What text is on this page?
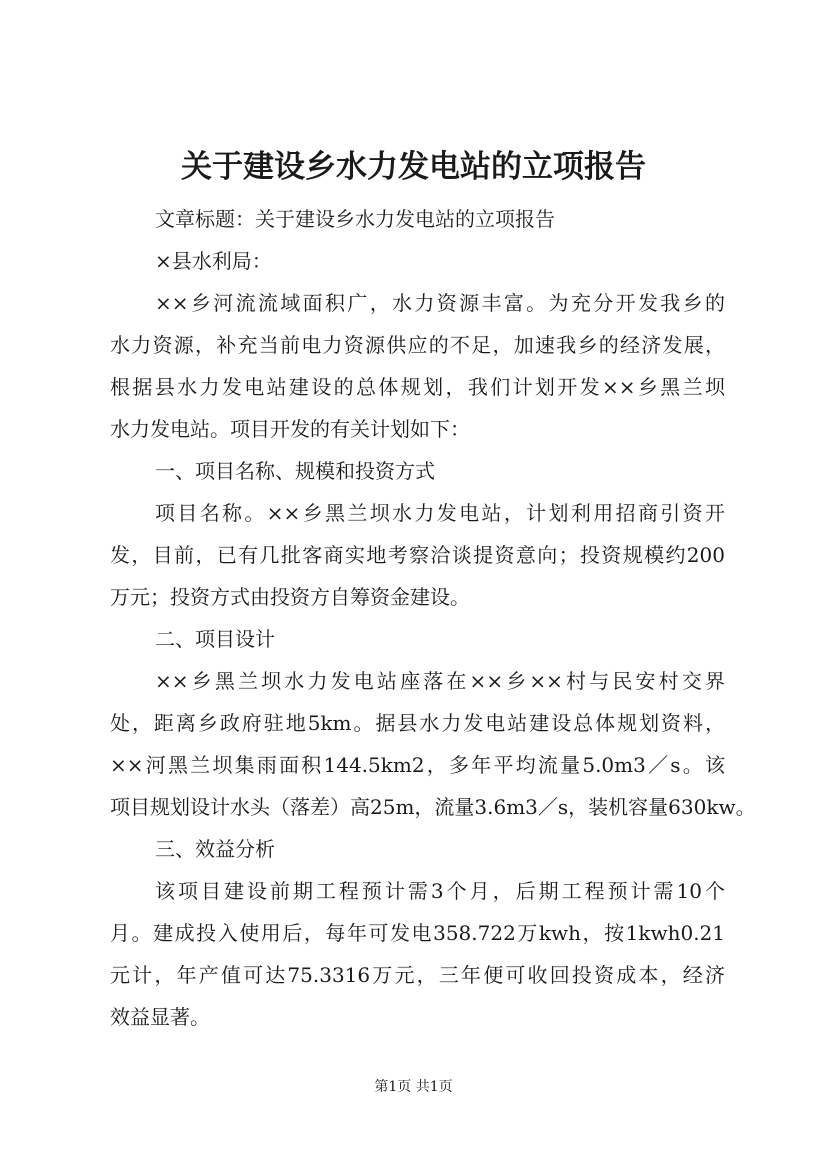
关于建设乡水力发电站的立项报告
文章标题：关于建设乡水力发电站的立项报告
×县水利局：
××乡河流流域面积广，水力资源丰富。为充分开发我乡的
水力资源，补充当前电力资源供应的不足，加速我乡的经济发展，
根据县水力发电站建设的总体规划，我们计划开发××乡黑兰坝
水力发电站。项目开发的有关计划如下：
一、项目名称、规模和投资方式
项目名称。××乡黑兰坝水力发电站，计划利用招商引资开
发，目前，已有几批客商实地考察洽谈提资意向；投资规模约200
万元；投资方式由投资方自筹资金建设。
二、项目设计
××乡黑兰坝水力发电站座落在××乡××村与民安村交界
处，距离乡政府驻地5km。据县水力发电站建设总体规划资料，
××河黑兰坝集雨面积144.5km2，多年平均流量5.0m3／s。该
项目规划设计水头（落差）高25m，流量3.6m3／s，装机容量630kw。
三、效益分析
该项目建设前期工程预计需3个月，后期工程预计需10个
月。建成投入使用后，每年可发电358.722万kwh，按1kwh0.21
元计，年产值可达75.3316万元，三年便可收回投资成本，经济
效益显著。
第1页 共1页
